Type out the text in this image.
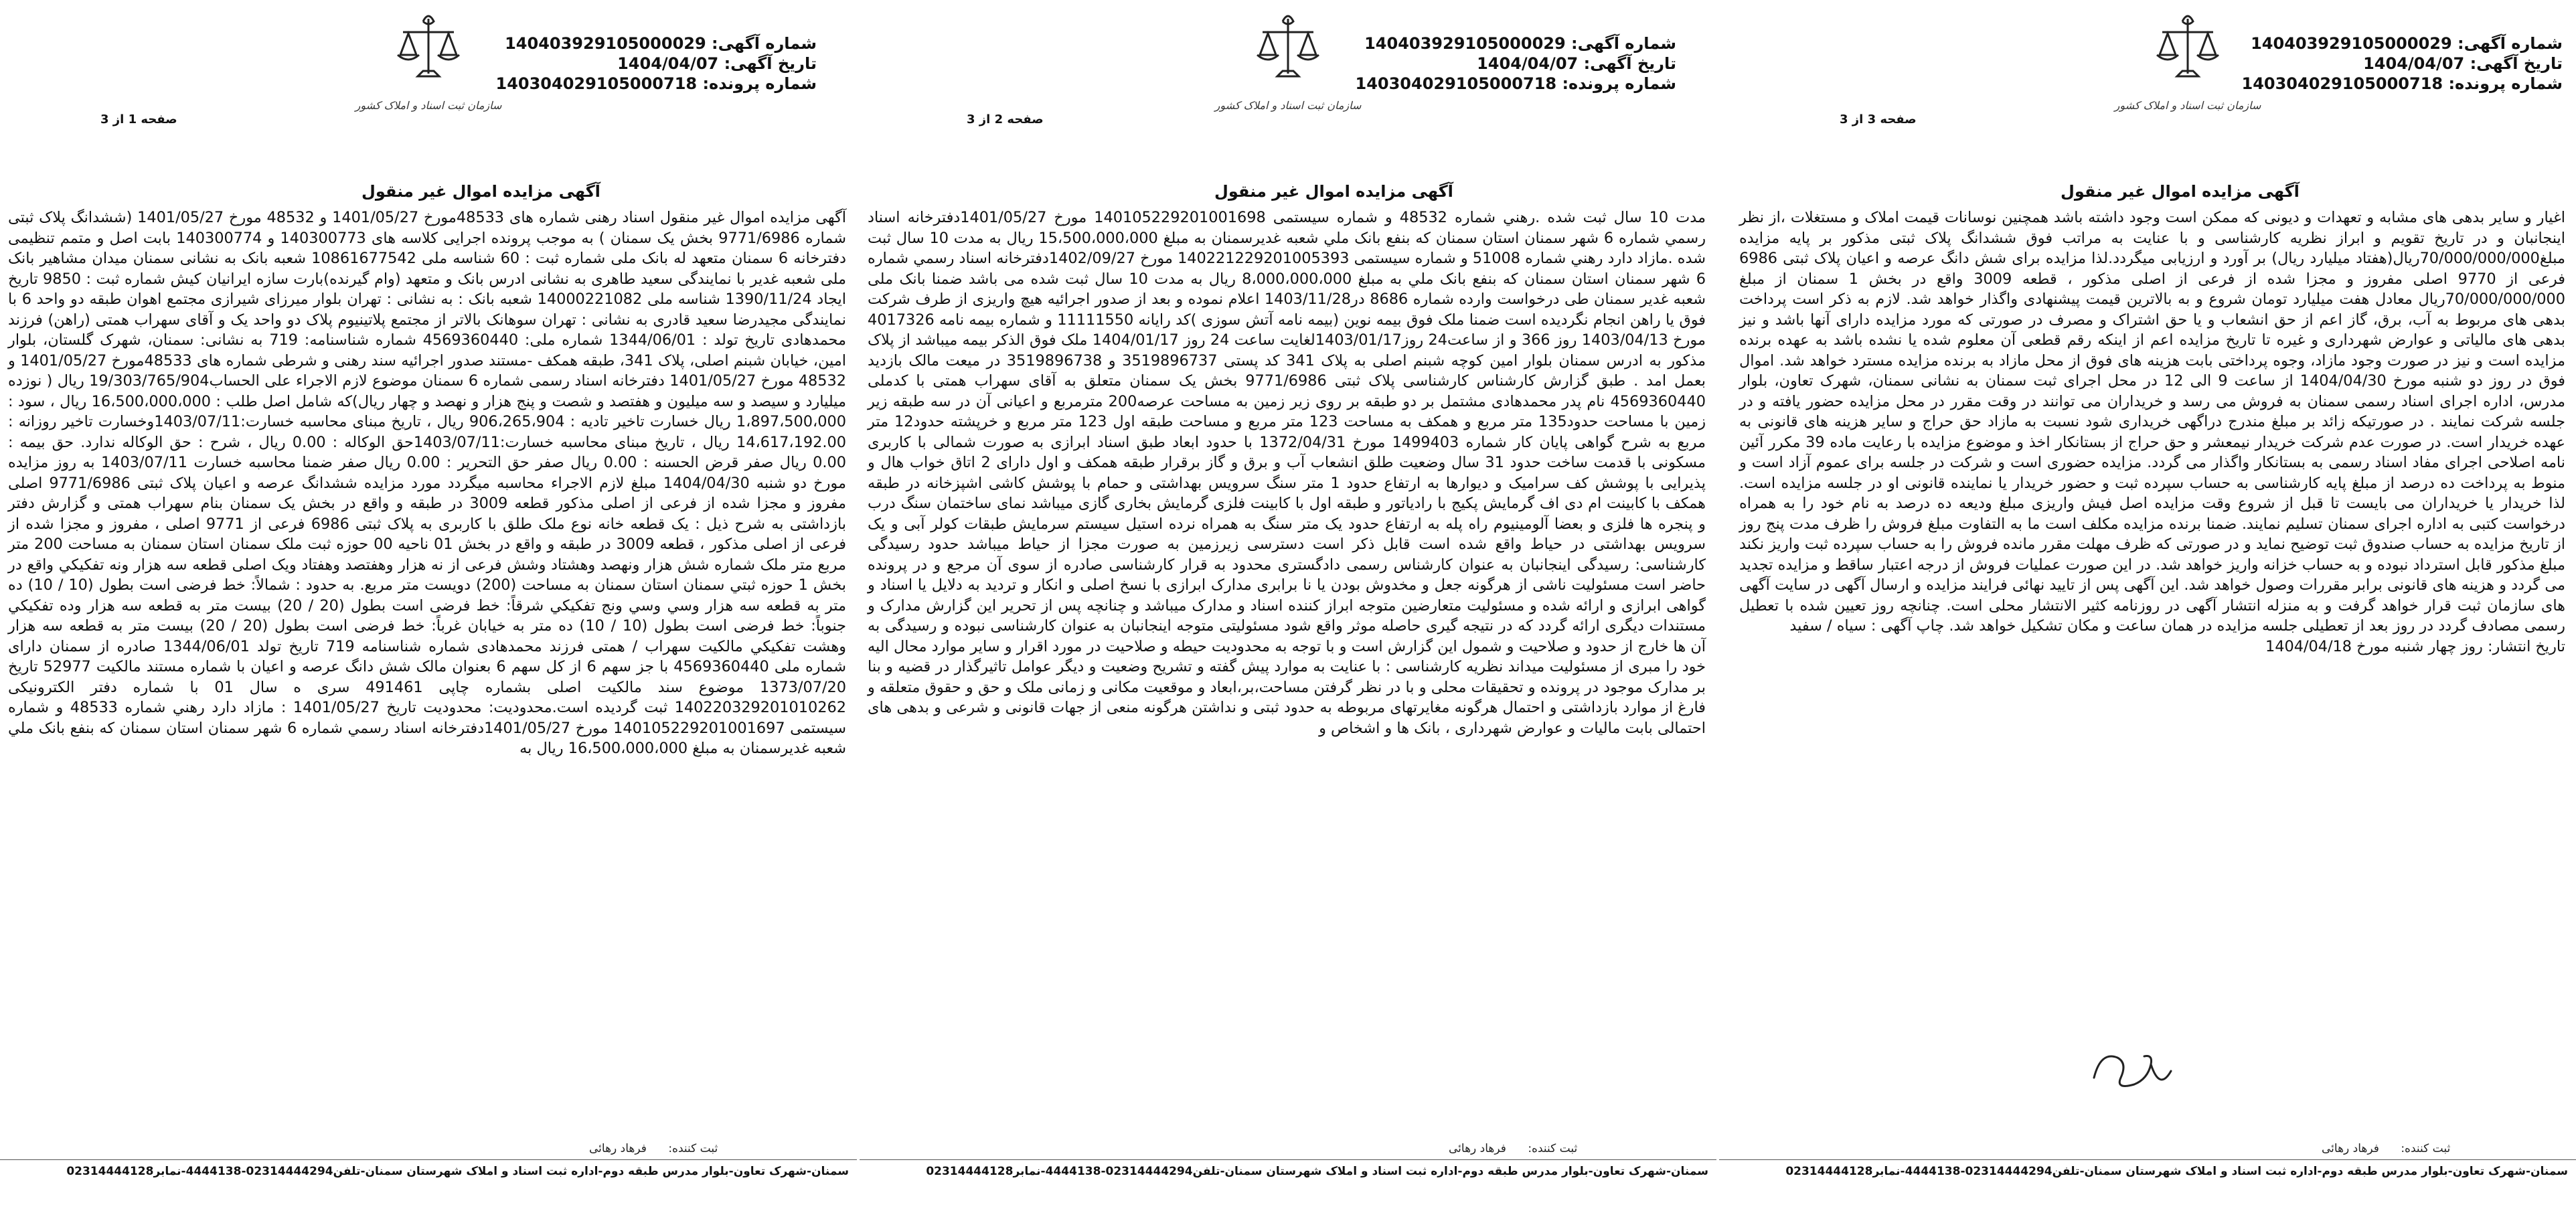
شماره آگهی: 140403929105000029
تاریخ آگهی: 1404/04/07
شماره پرونده: 140304029105000718
سازمان ثبت اسناد و املاک کشور
صفحه 1 از 3
آگهی مزایده اموال غیر منقول

آگهی مزایده اموال غیر منقول اسناد رهنی شماره های 48533مورخ 1401/05/27 و 48532 مورخ 1401/05/27 (ششدانگ پلاک ثبتی شماره 9771/6986 بخش یک سمنان ) به موجب پرونده اجرایی کلاسه های 140300773 و 140300774 بابت اصل و متمم تنظیمی دفترخانه 6 سمنان متعهد له بانک ملی شماره ثبت : 60 شناسه ملی 10861677542 شعبه بانک به نشانی سمنان میدان مشاهیر بانک ملی شعبه غدیر با نمایندگی سعید طاهری به نشانی ادرس بانک و متعهد (وام گیرنده)بارت سازه ایرانیان کیش شماره ثبت : 9850 تاریخ ایجاد 1390/11/24 شناسه ملی 14000221082 شعبه بانک : به نشانی : تهران بلوار میرزای شیرازی مجتمع اهوان طبقه دو واحد 6 با نمایندگی مجیدرضا سعید قادری به نشانی : تهران سوهانک بالاتر از مجتمع پلاتینیوم پلاک دو واحد یک و آقای سهراب همتی (راهن) فرزند محمدهادی تاریخ تولد : 1344/06/01 شماره ملی: 4569360440 شماره شناسنامه: 719 به نشانی: سمنان، شهرک گلستان، بلوار امین، خیابان شبنم اصلی، پلاک 341، طبقه همکف -مستند صدور اجرائیه سند رهنی و شرطی شماره های 48533مورخ 1401/05/27 و 48532 مورخ 1401/05/27 دفترخانه اسناد رسمی شماره 6 سمنان موضوع لازم الاجراء علی الحساب19/303/765/904 ریال ( نوزده میلیارد و سیصد و سه میلیون و هفتصد و شصت و پنج هزار و نهصد و چهار ریال)که شامل اصل طلب : 16،500،000،000 ریال ، سود : 1،897،500،000 ریال خسارت تاخیر تادیه : 906،265،904 ریال ، تاریخ مبنای محاسبه خسارت:1403/07/11وخسارت تاخیر روزانه : 14،617،192.00 ریال ، تاریخ مبنای محاسبه خسارت:1403/07/11حق الوکاله : 0.00 ریال ، شرح : حق الوکاله ندارد. حق بیمه : 0.00 ریال صفر قرض الحسنه : 0.00 ریال صفر حق التحریر : 0.00 ریال صفر ضمنا محاسبه خسارت 1403/07/11 به روز مزایده مورخ دو شنبه 1404/04/30 مبلغ لازم الاجراء محاسبه میگردد مورد مزایده ششدانگ عرصه و اعیان پلاک ثبتی 9771/6986 اصلی مفروز و مجزا شده از فرعی از اصلی مذکور قطعه 3009 در طبقه و واقع در بخش یک سمنان بنام سهراب همتی و گزارش دفتر بازداشتی به شرح ذیل : یک قطعه خانه نوع ملک طلق با کاربری به پلاک ثبتی 6986 فرعی از 9771 اصلی ، مفروز و مجزا شده از فرعی از اصلی مذکور ، قطعه 3009 در طبقه و واقع در بخش 01 ناحیه 00 حوزه ثبت ملک سمنان استان سمنان به مساحت 200 متر مربع متر ملک شماره شش هزار ونهصد وهشتاد وشش فرعی از نه هزار وهفتصد وهفتاد ویک اصلی قطعه سه هزار ونه تفکیکي واقع در بخش 1 حوزه ثبتي سمنان استان سمنان به مساحت (200) دویست متر مربع. به حدود : شمالاً: خط فرضی است بطول (10 / 10) ده متر به قطعه سه هزار وسي وسي ونج تفکیکي شرقاً: خط فرضی است بطول (20 / 20) بیست متر به قطعه سه هزار وده تفکیکي جنوباً: خط فرضی است بطول (10 / 10) ده متر به خیابان غرباً: خط فرضی است بطول (20 / 20) بیست متر به قطعه سه هزار وهشت تفکیکي مالکیت سهراب / همتی فرزند محمدهادی شماره شناسنامه 719 تاریخ تولد 1344/06/01 صادره از سمنان دارای شماره ملی 4569360440 با جز سهم 6 از کل سهم 6 بعنوان مالک شش دانگ عرصه و اعیان با شماره مستند مالکیت 52977 تاریخ 1373/07/20 موضوع سند مالکیت اصلی بشماره چاپی 491461 سری ه سال 01 با شماره دفتر الکترونیکی 140220329201010262 ثبت گردیده است.محدودیت: محدودیت تاریخ 1401/05/27 : مازاد دارد رهني شماره 48533 و شماره سیستمی 140105229201001697 مورخ 1401/05/27دفترخانه اسناد رسمي شماره 6 شهر سمنان استان سمنان که بنفع بانک ملي شعبه غدیرسمنان به مبلغ 16،500،000،000 ریال به

ثبت کننده:      فرهاد رهائی
سمنان-شهرک تعاون-بلوار مدرس طبقه دوم-اداره ثبت اسناد و املاک شهرستان سمنان-تلفن02314444294-4444138-نمابر02314444128
شماره آگهی: 140403929105000029
تاریخ آگهی: 1404/04/07
شماره پرونده: 140304029105000718
سازمان ثبت اسناد و املاک کشور
صفحه 2 از 3
آگهی مزایده اموال غیر منقول

مدت 10 سال ثبت شده .رهني شماره 48532 و شماره سیستمی 140105229201001698 مورخ 1401/05/27دفترخانه اسناد رسمي شماره 6 شهر سمنان استان سمنان که بنفع بانک ملي شعبه غدیرسمنان به مبلغ 15،500،000،000 ریال به مدت 10 سال ثبت شده .مازاد دارد رهني شماره 51008 و شماره سیستمی 140221229201005393 مورخ 1402/09/27دفترخانه اسناد رسمي شماره 6 شهر سمنان استان سمنان که بنفع بانک ملي به مبلغ 8،000،000،000 ریال به مدت 10 سال ثبت شده می باشد ضمنا بانک ملی شعبه غدیر سمنان طی درخواست وارده شماره 8686 در1403/11/28 اعلام نموده و بعد از صدور اجرائیه هیچ واریزی از طرف شرکت فوق یا راهن انجام نگردیده است ضمنا ملک فوق بیمه نوین (بیمه نامه آتش سوزی )کد رایانه 11111550 و شماره بیمه نامه 4017326 مورخ 1403/04/13 روز 366 و از ساعت24 روز1403/01/17لغایت ساعت 24 روز 1404/01/17 ملک فوق الذکر بیمه میباشد از پلاک مذکور به ادرس سمنان بلوار امین کوچه شبنم اصلی به پلاک 341 کد پستی 3519896737 و 3519896738 در میعت مالک بازدید بعمل امد . طبق گزارش کارشناس کارشناسی پلاک ثبتی 9771/6986 بخش یک سمنان متعلق به آقای سهراب همتی با کدملی 4569360440 نام پدر محمدهادی مشتمل بر دو طبقه بر روی زیر زمین به مساحت عرصه200 مترمربع و اعیانی آن در سه طبقه زیر زمین با مساحت حدود135 متر مربع و همکف به مساحت 123 متر مربع و مساحت طبقه اول 123 متر مربع و خرپشته حدود12 متر مربع به شرح گواهی پایان کار شماره 1499403 مورخ 1372/04/31 با حدود ابعاد طبق اسناد ابرازی به صورت شمالی با کاربری مسکونی با قدمت ساخت حدود 31 سال وضعیت طلق انشعاب آب و برق و گاز برقرار طبقه همکف و اول دارای 2 اتاق خواب هال و پذیرایی با پوشش کف سرامیک و دیوارها به ارتفاع حدود 1 متر سنگ سرویس بهداشتی و حمام با پوشش کاشی اشپزخانه در طبقه همکف با کابینت ام دی اف گرمایش پکیج با رادیاتور و طبقه اول با کابینت فلزی گرمایش بخاری گازی میباشد نمای ساختمان سنگ درب و پنجره ها فلزی و بعضا آلومینیوم راه پله به ارتفاع حدود یک متر سنگ به همراه نرده استیل سیستم سرمایش طبقات کولر آبی و یک سرویس بهداشتی در حیاط واقع شده است قابل ذکر است دسترسی زیرزمین به صورت مجزا از حیاط میباشد حدود رسیدگی کارشناسی: رسیدگی اینجانبان به عنوان کارشناس رسمی دادگستری محدود به قرار کارشناسی صادره از سوی آن مرجع و در پرونده حاضر است مسئولیت ناشی از هرگونه جعل و مخدوش بودن یا نا برابری مدارک ابرازی با نسخ اصلی و انکار و تردید به دلایل یا اسناد و گواهی ابرازی و ارائه شده و مسئولیت متعارضین متوجه ابراز کننده اسناد و مدارک میباشد و چنانچه پس از تحریر این گزارش مدارک و مستندات دیگری ارائه گردد که در نتیجه گیری حاصله موثر واقع شود مسئولیتی متوجه اینجانبان به عنوان کارشناسی نبوده و رسیدگی به آن ها خارج از حدود و صلاحیت و شمول این گزارش است و با توجه به محدودیت حیطه و صلاحیت در مورد اقرار و سایر موارد محال الیه خود را مبری از مسئولیت میداند نظریه کارشناسی : با عنایت به موارد پیش گفته و تشریح وضعیت و دیگر عوامل تاثیرگذار در قضیه و بنا بر مدارک موجود در پرونده و تحقیقات محلی و با در نظر گرفتن مساحت،بر،ابعاد و موقعیت مکانی و زمانی ملک و حق و حقوق متعلقه و فارغ از موارد بازداشتی و احتمال هرگونه مغایرتهای مربوطه به حدود ثبتی و نداشتن هرگونه منعی از جهات قانونی و شرعی و بدهی های احتمالی بابت مالیات و عوارض شهرداری ، بانک ها و اشخاص و

ثبت کننده:      فرهاد رهائی
سمنان-شهرک تعاون-بلوار مدرس طبقه دوم-اداره ثبت اسناد و املاک شهرستان سمنان-تلفن02314444294-4444138-نمابر02314444128
شماره آگهی: 140403929105000029
تاریخ آگهی: 1404/04/07
شماره پرونده: 140304029105000718
سازمان ثبت اسناد و املاک کشور
صفحه 3 از 3
آگهی مزایده اموال غیر منقول

اغیار و سایر بدهی های مشابه و تعهدات و دیونی که ممکن است وجود داشته باشد همچنین نوسانات قیمت املاک و مستغلات ،از نظر اینجانبان و در تاریخ تقویم و ابراز نظریه کارشناسی و با عنایت به مراتب فوق ششدانگ پلاک ثبتی مذکور بر پایه مزایده مبلغ70/000/000/000ریال(هفتاد میلیارد ریال) بر آورد و ارزیابی میگردد.لذا مزایده برای شش دانگ عرصه و اعیان پلاک ثبتی 6986 فرعی از 9770 اصلی مفروز و مجزا شده از فرعی از اصلی مذکور ، قطعه 3009 واقع در بخش 1 سمنان از مبلغ 70/000/000/000ریال معادل هفت میلیارد تومان شروع و به بالاترین قیمت پیشنهادی واگذار خواهد شد. لازم به ذکر است پرداخت بدهی های مربوط به آب، برق، گاز اعم از حق انشعاب و یا حق اشتراک و مصرف در صورتی که مورد مزایده دارای آنها باشد و نیز بدهی های مالیاتی و عوارض شهرداری و غیره تا تاریخ مزایده اعم از اینکه رقم قطعی آن معلوم شده یا نشده باشد به عهده برنده مزایده است و نیز در صورت وجود مازاد، وجوه پرداختی بابت هزینه های فوق از محل مازاد به برنده مزایده مسترد خواهد شد. اموال فوق در روز دو شنبه مورخ 1404/04/30 از ساعت 9 الی 12 در محل اجرای ثبت سمنان به نشانی سمنان، شهرک تعاون، بلوار مدرس، اداره اجرای اسناد رسمی سمنان به فروش می رسد و خریداران می توانند در وقت مقرر در محل مزایده حضور یافته و در جلسه شرکت نمایند . در صورتیکه زائد بر مبلغ مندرج دراگهی خریداری شود نسبت به مازاد حق حراج و سایر هزینه های قانونی به عهده خریدار است. در صورت عدم شرکت خریدار نیمعشر و حق حراج از بستانکار اخذ و موضوع مزایده با رعایت ماده 39 مکرر آئین نامه اصلاحی اجرای مفاد اسناد رسمی به بستانکار واگذار می گردد. مزایده حضوری است و شرکت در جلسه برای عموم آزاد است و منوط به پرداخت ده درصد از مبلغ پایه کارشناسی به حساب سپرده ثبت و حضور خریدار یا نماینده قانونی او در جلسه مزایده است. لذا خریدار یا خریداران می بایست تا قبل از شروع وقت مزایده اصل فیش واریزی مبلغ ودیعه ده درصد به نام خود را به همراه درخواست کتبی به اداره اجرای سمنان تسلیم نمایند. ضمنا برنده مزایده مکلف است ما به التفاوت مبلغ فروش را ظرف مدت پنج روز از تاریخ مزایده به حساب صندوق ثبت توضیح نماید و در صورتی که ظرف مهلت مقرر مانده فروش را به حساب سپرده ثبت واریز نکند مبلغ مذکور قابل استرداد نبوده و به حساب خزانه واریز خواهد شد. در این صورت عملیات فروش از درجه اعتبار ساقط و مزایده تجدید می گردد و هزینه های قانونی برابر مقررات وصول خواهد شد. این آگهی پس از تایید نهائی فرایند مزایده و ارسال آگهی در سایت آگهی های سازمان ثبت قرار خواهد گرفت و به منزله انتشار آگهی در روزنامه کثیر الانتشار محلی است. چنانچه روز تعیین شده با تعطیل رسمی مصادف گردد در روز بعد از تعطیلی جلسه مزایده در همان ساعت و مکان تشکیل خواهد شد. چاپ آگهی : سیاه / سفید

تاریخ انتشار: روز چهار شنبه مورخ 1404/04/18

ثبت کننده:      فرهاد رهائی
سمنان-شهرک تعاون-بلوار مدرس طبقه دوم-اداره ثبت اسناد و املاک شهرستان سمنان-تلفن02314444294-4444138-نمابر02314444128
